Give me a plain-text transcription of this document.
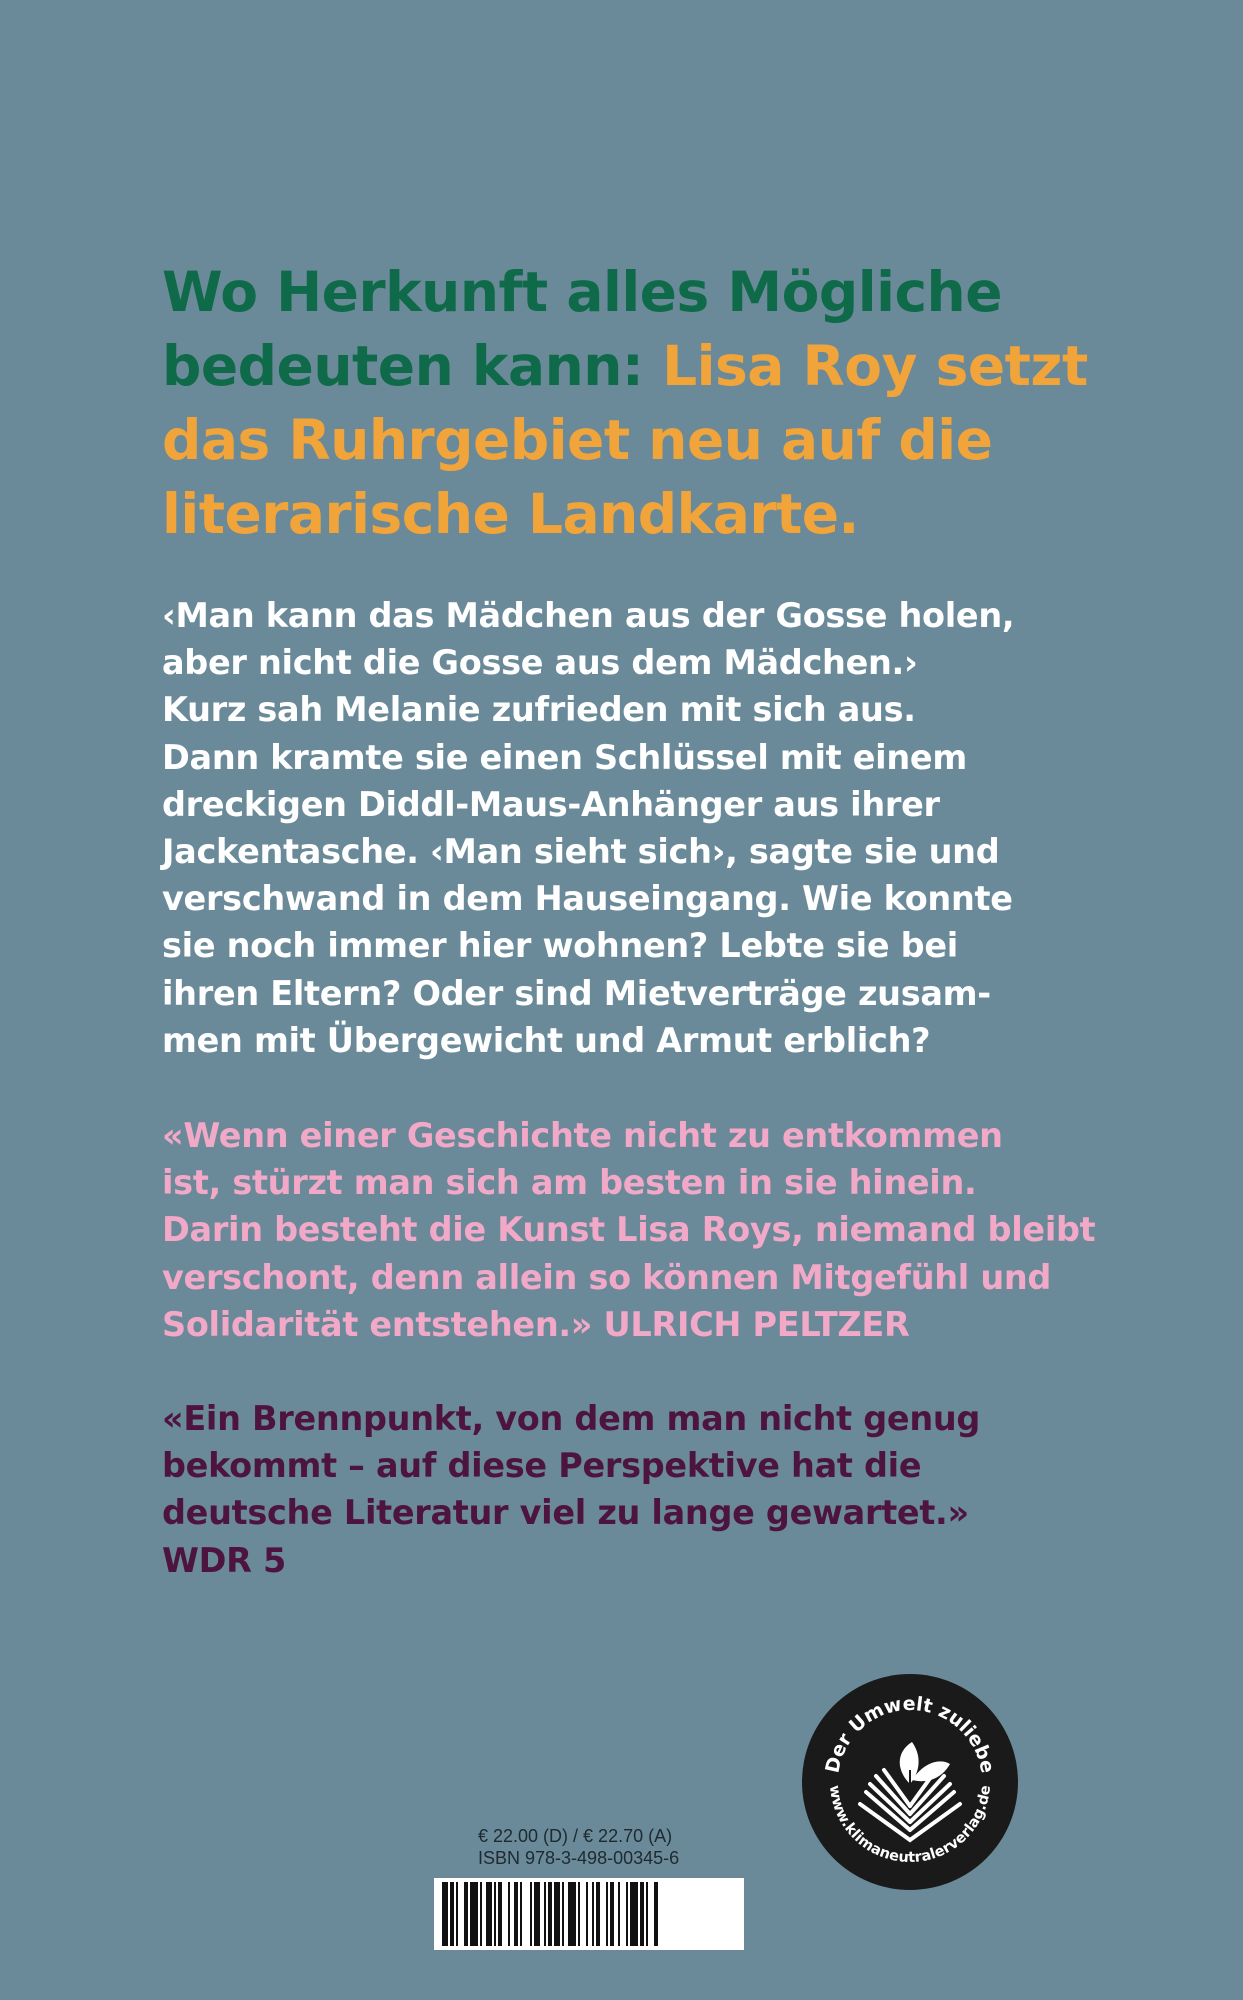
Wo Herkunft alles Mögliche
bedeuten kann: Lisa Roy setzt
das Ruhrgebiet neu auf die
literarische Landkarte.
‹Man kann das Mädchen aus der Gosse holen,
aber nicht die Gosse aus dem Mädchen.›
Kurz sah Melanie zufrieden mit sich aus.
Dann kramte sie einen Schlüssel mit einem
dreckigen Diddl-Maus-Anhänger aus ihrer
Jackentasche. ‹Man sieht sich›, sagte sie und
verschwand in dem Hauseingang. Wie konnte
sie noch immer hier wohnen? Lebte sie bei
ihren Eltern? Oder sind Mietverträge zusam-
men mit Übergewicht und Armut erblich?
«Wenn einer Geschichte nicht zu entkommen
ist, stürzt man sich am besten in sie hinein.
Darin besteht die Kunst Lisa Roys, niemand bleibt
verschont, denn allein so können Mitgefühl und
Solidarität entstehen.» ULRICH PELTZER
«Ein Brennpunkt, von dem man nicht genug
bekommt – auf diese Perspektive hat die
deutsche Literatur viel zu lange gewartet.»
WDR 5
€ 22.00 (D) / € 22.70 (A)
ISBN 978-3-498-00345-6
Der Umwelt zuliebe
www.klimaneutralerverlag.de
